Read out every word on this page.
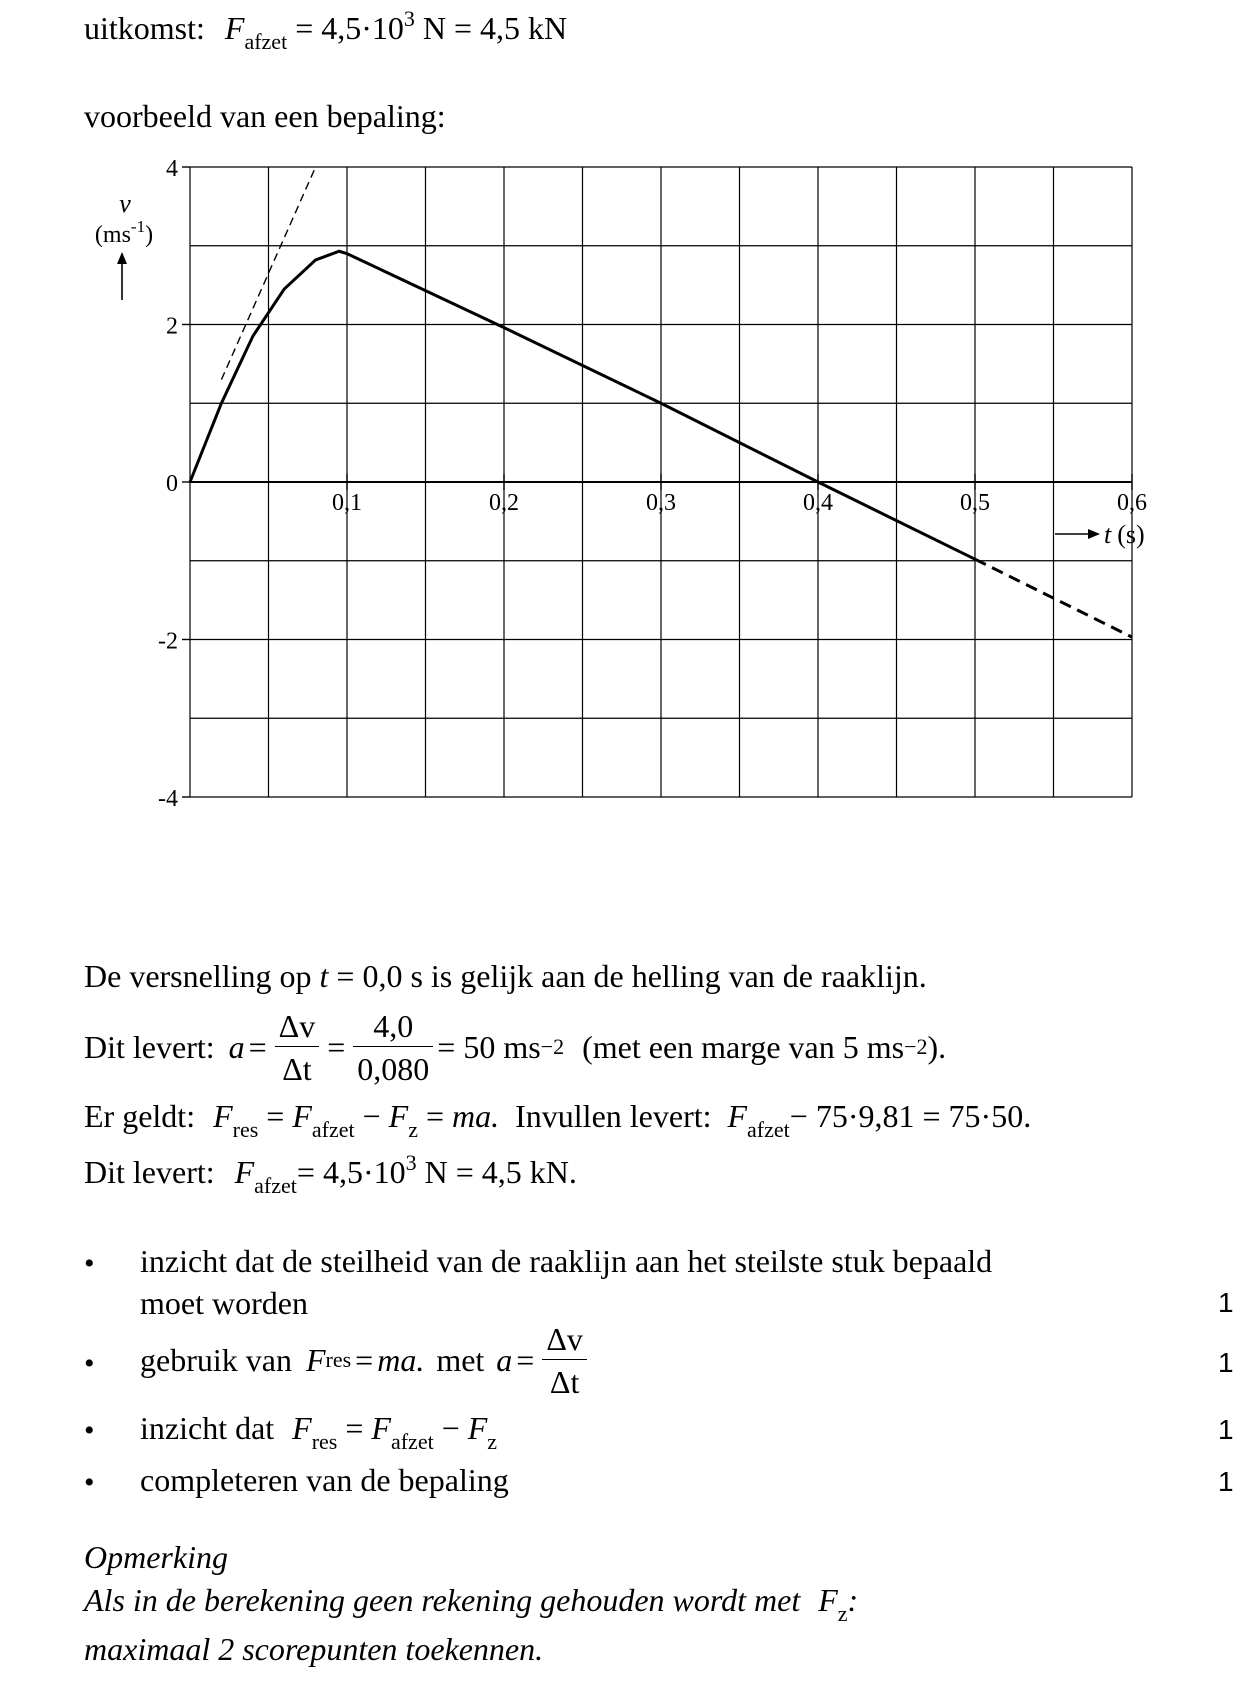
uitkomst: $F_{afzet} = 4,5\cdot 10^3$ N = 4,5 kN
voorbeeld van een bepaling:
4
2
0
-2
-4
0,1	0,2	0,3	0,4	0,5	0,6
v
$(ms^{-1})$
t (s)
De versnelling op t = 0,0 s is gelijk aan de helling van de raaklijn.
Dit levert: $a = \frac{\Delta v}{\Delta t} = \frac{4,0}{0,080} = 50$ ms −2 (met een marge van 5 ms −2 ).
Er geldt: $F_{res} = F_{afzet} - F_z$ = ma. Invullen levert: $F_{afzet}- 75\cdot 9,81 = 75\cdot 50$.
Dit levert: $F_{afzet}= 4,5\cdot 10^3$ N = 4,5 kN.
• inzicht dat de steilheid van de raaklijn aan het steilste stuk bepaald
moet worden	1
• gebruik van F res = ma. met $a = \frac{\Delta v}{\Delta t}$	1
• inzicht dat $F_{res} = F_{afzet} - F_z$	1
• completeren van de bepaling	1
Opmerking
Als in de berekening geen rekening gehouden wordt met $F_z$:
maximaal 2 scorepunten toekennen.
